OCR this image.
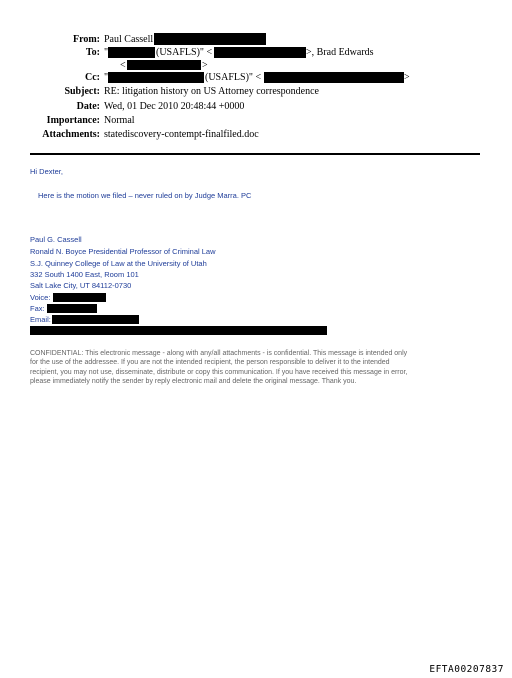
From: Paul Cassell
To: "	(USAFLS)" <	>, Brad Edwards
<	>
Cc: "	(USAFLS)" <	>
Subject: RE: litigation history on US Attorney correspondence
Date: Wed, 01 Dec 2010 20:48:44 +0000
Importance: Normal
Attachments: statediscovery-contempt-finalfiled.doc
Hi Dexter,
Here is the motion we filed – never ruled on by Judge Marra. PC
Paul G. Cassell
Ronald N. Boyce Presidential Professor of Criminal Law
S.J. Quinney College of Law at the University of Utah
332 South 1400 East, Room 101
Salt Lake City, UT 84112-0730
Voice:
Fax:
Email:
CONFIDENTIAL: This electronic message - along with any/all attachments - is confidential. This message is intended only
for the use of the addressee. If you are not the intended recipient, the person responsible to deliver it to the intended
recipient, you may not use, disseminate, distribute or copy this communication. If you have received this message in error,
please immediately notify the sender by reply electronic mail and delete the original message. Thank you.
EFTA00207837
